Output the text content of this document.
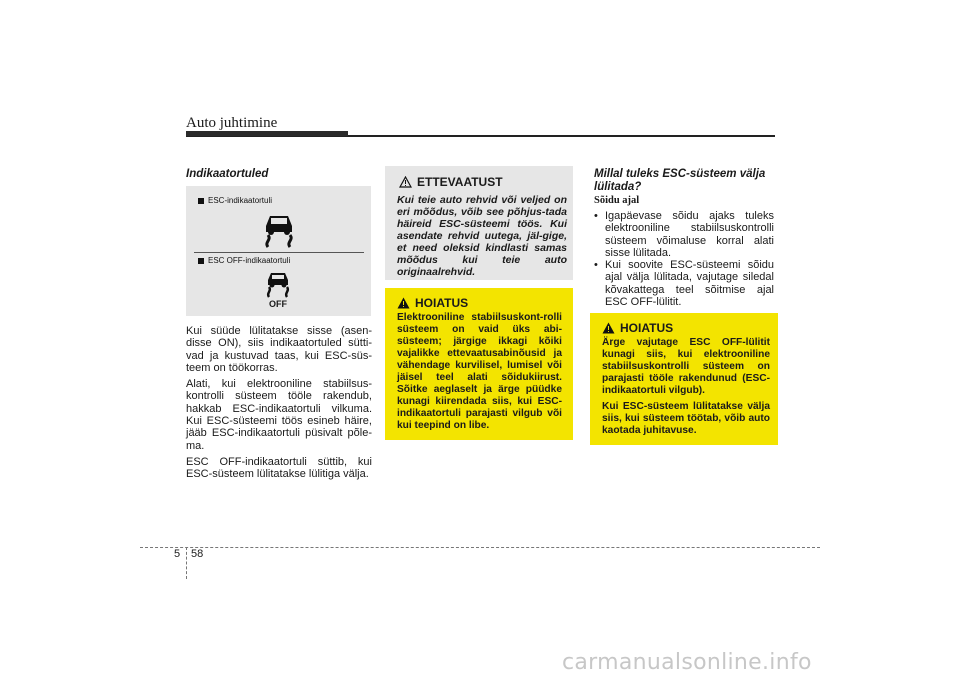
Auto juhtimine
Indikaatortuled
ESC-indikaatortuli
ESC OFF-indikaatortuli
OFF

Kui süüde lülitatakse sisse (asen-disse ON), siis indikaatortuled sütti-vad ja kustuvad taas, kui ESC-süs-teem on töökorras.

Alati, kui elektrooniline stabiilsus-kontrolli süsteem tööle rakendub, hakkab ESC-indikaatortuli vilkuma. Kui ESC-süsteemi töös esineb häire, jääb ESC-indikaatortuli püsivalt põle-ma.

ESC OFF-indikaatortuli süttib, kui ESC-süsteem lülitatakse lülitiga välja.

ETTEVAATUST
Kui teie auto rehvid või veljed on eri mõõdus, võib see põhjus-tada häireid ESC-süsteemi töös. Kui asendate rehvid uutega, jäl-gige, et need oleksid kindlasti samas mõõdus kui teie auto originaalrehvid.
HOIATUS
Elektrooniline stabiilsuskont-rolli süsteem on vaid üks abi-süsteem; järgige ikkagi kõiki vajalikke ettevaatusabinõusid ja vähendage kurvilisel, lumisel või jäisel teel alati sõidukiirust. Sõitke aeglaselt ja ärge püüdke kunagi kiirendada siis, kui ESC-indikaatortuli parajasti vilgub või kui teepind on libe.
Millal tuleks ESC-süsteem välja lülitada?
Sõidu ajal
• Igapäevase sõidu ajaks tuleks elektrooniline stabiilsuskontrolli süsteem võimaluse korral alati sisse lülitada.
• Kui soovite ESC-süsteemi sõidu ajal välja lülitada, vajutage siledal kõvakattega teel sõitmise ajal ESC OFF-lülitit.
HOIATUS

Ärge vajutage ESC OFF-lülitit kunagi siis, kui elektrooniline stabiilsuskontrolli süsteem on parajasti tööle rakendunud (ESC-indikaatortuli vilgub).

Kui ESC-süsteem lülitatakse välja siis, kui süsteem töötab, võib auto kaotada juhitavuse.

5 58
carmanualsonline.info
